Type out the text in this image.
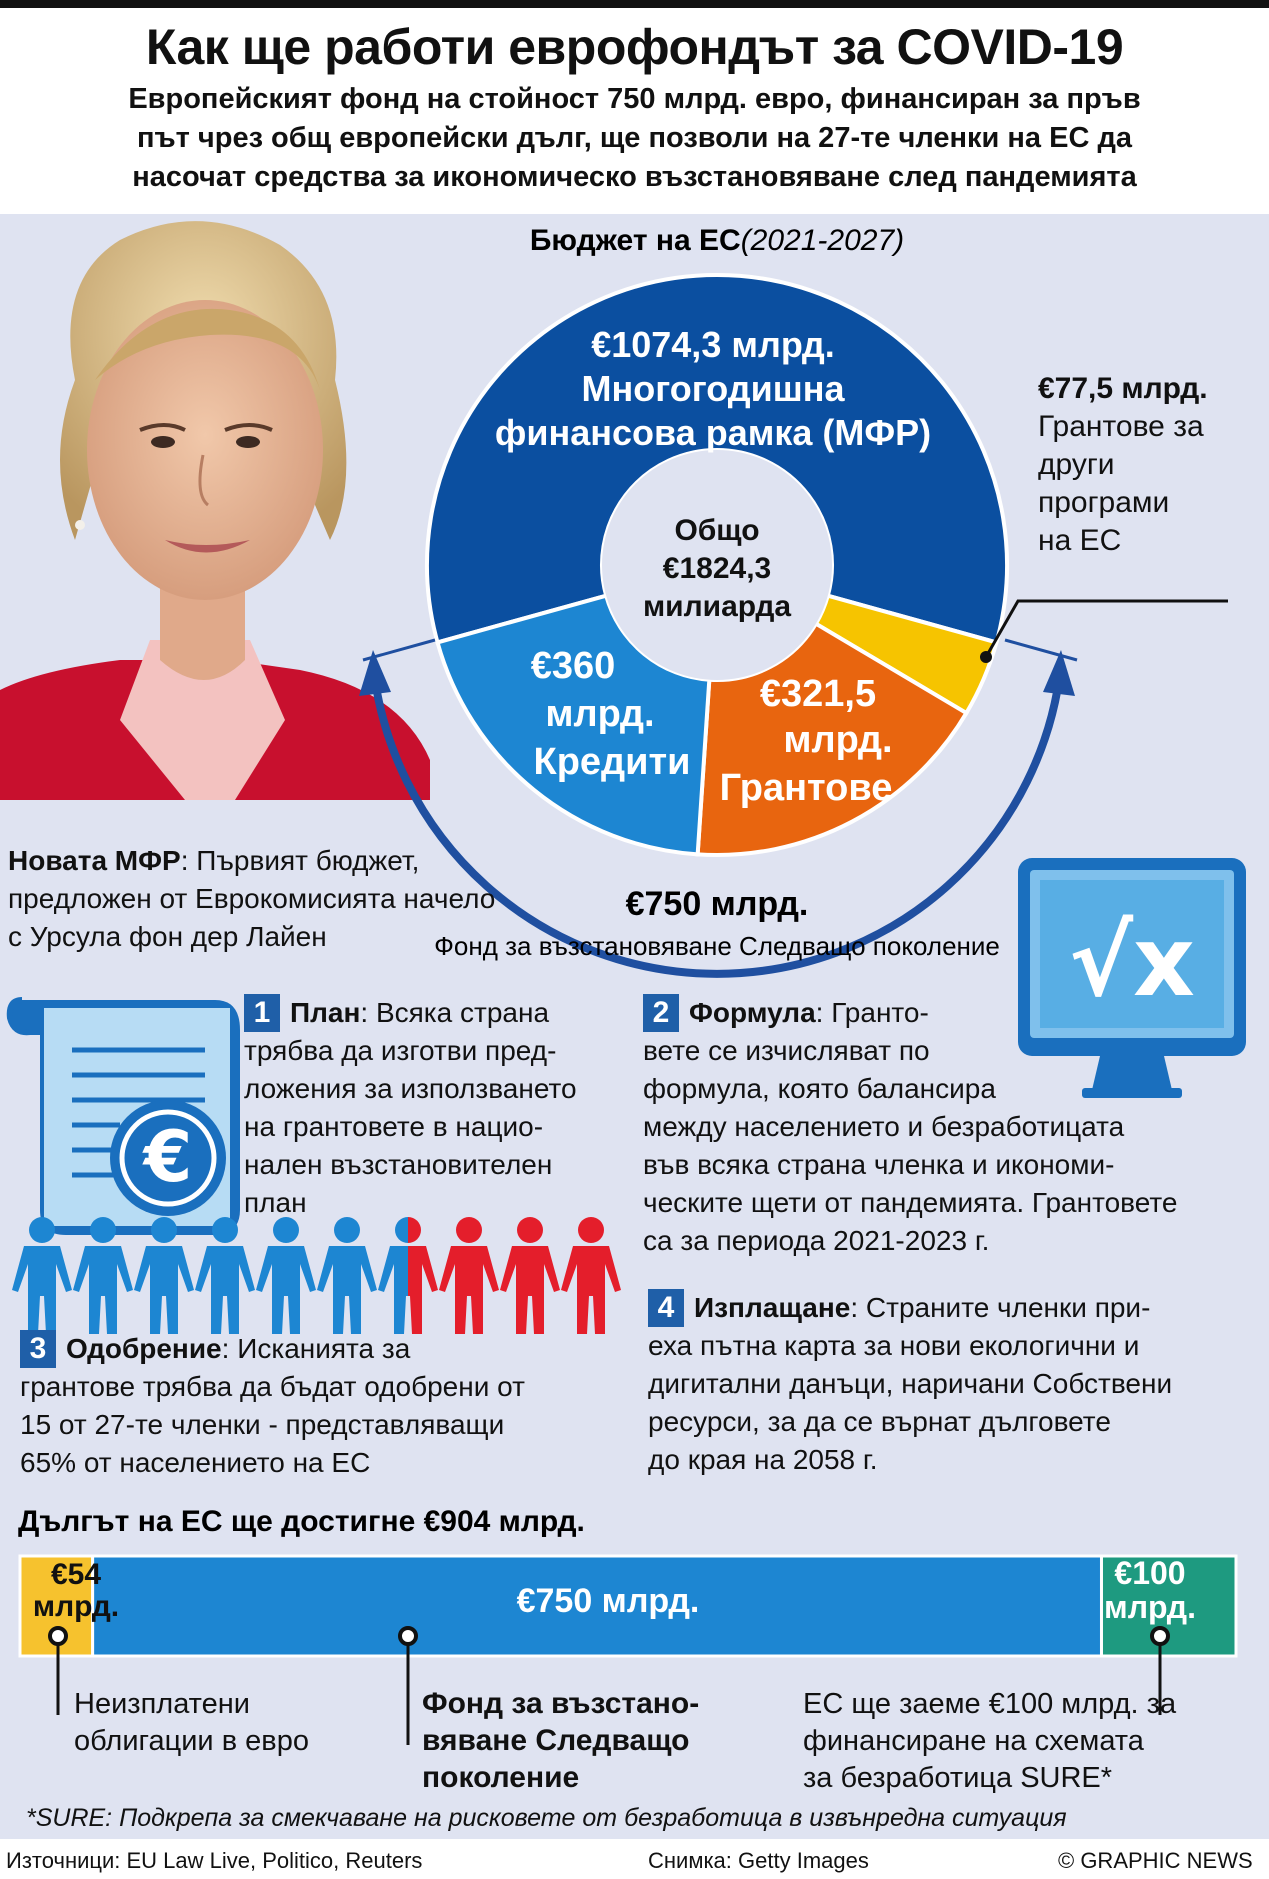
Как ще работи еврофондът за COVID-19
Европейският фонд на стойност 750 млрд. евро, финансиран за пръв
път чрез общ европейски дълг, ще позволи на 27-те членки на ЕС да
насочат средства за икономическо възстановяване след пандемията
Бюджет на ЕС(2021-2027)
Общо
€1824,3
милиарда
€1074,3 млрд.
Многогодишна
финансова рамка (МФР)
€360
млрд.
Кредити
€321,5
млрд.
Грантове
€77,5 млрд.
Грантове за
други
програми
на ЕС
€750 млрд.
Фонд за възстановяване Следващо поколение √x
€
Дългът на ЕС ще достигне €904 млрд.
€54
млрд.	€750 млрд.
€100
млрд.
Неизплатени
облигации в евро
Фонд за възстано-
вяване Следващо
поколение
ЕС ще заеме €100 млрд. за
финансиране на схемата
за безработица SURE*
*SURE: Подкрепа за смекчаване на рисковете от безработица в извънредна ситуация
Новата МФР: Първият бюджет,
предложен от Еврокомисията начело
с Урсула фон дер Лайен
1 План: Всяка страна
трябва да изготви пред-
ложения за използването
на грантовете в нацио-
нален възстановителен
план
2 Формула: Гранто-
вете се изчисляват по
формула, която балансира
между населението и безработицата
във всяка страна членка и икономи-
ческите щети от пандемията. Грантовете
са за периода 2021-2023 г.
3 Одобрение: Исканията за
грантове трябва да бъдат одобрени от
15 от 27-те членки - представляващи
65% от населението на ЕС
4 Изплащане: Страните членки при-
еха пътна карта за нови екологични и
дигитални данъци, наричани Собствени
ресурси, за да се върнат дълговете
до края на 2058 г.
Източници: EU Law Live, Politico, Reuters	Снимка: Getty Images	© GRAPHIC NEWS
